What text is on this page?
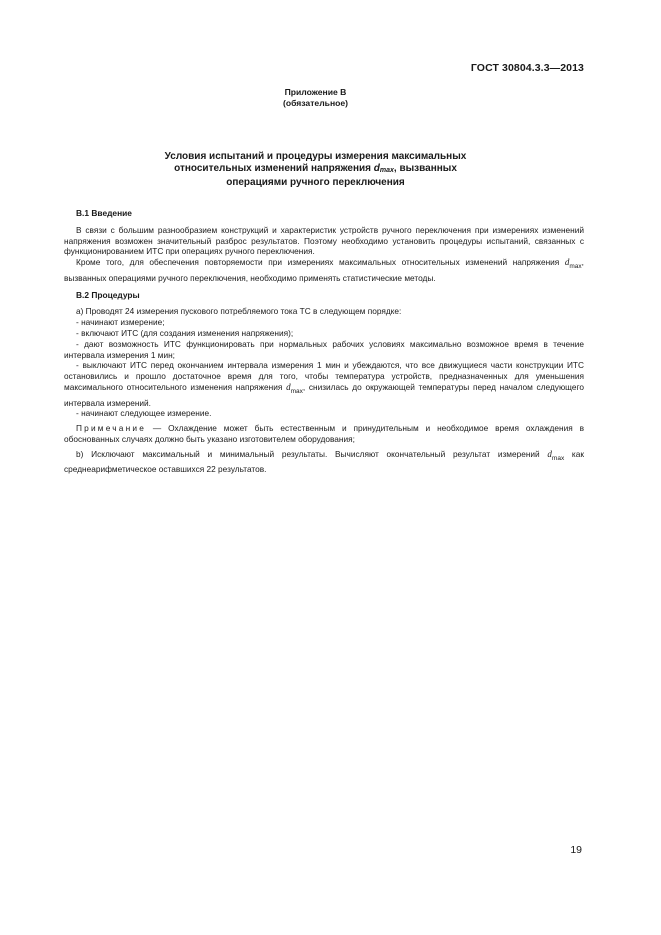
ГОСТ 30804.3.3—2013
Приложение В
(обязательное)
Условия испытаний и процедуры измерения максимальных
относительных изменений напряжения $d_{max}$, вызванных
операциями ручного переключения
В.1 Введение

В связи с большим разнообразием конструкций и характеристик устройств ручного переключения при измерениях изменений напряжения возможен значительный разброс результатов. Поэтому необходимо установить процедуры испытаний, связанных с функционированием ИТС при операциях ручного переключения.

Кроме того, для обеспечения повторяемости при измерениях максимальных относительных изменений напряжения $d_{max}$, вызванных операциями ручного переключения, необходимо применять статистические методы.

В.2 Процедуры

а) Проводят 24 измерения пускового потребляемого тока ТС в следующем порядке:

- начинают измерение;

- включают ИТС (для создания изменения напряжения);

- дают возможность ИТС функционировать при нормальных рабочих условиях максимально возможное время в течение интервала измерения 1 мин;

- выключают ИТС перед окончанием интервала измерения 1 мин и убеждаются, что все движущиеся части конструкции ИТС остановились и прошло достаточное время для того, чтобы температура устройств, предназначенных для уменьшения максимального относительного изменения напряжения $d_{max}$, снизилась до окружающей температуры перед началом следующего интервала измерений.

- начинают следующее измерение.

Примечание — Охлаждение может быть естественным и принудительным и необходимое время охлаждения в обоснованных случаях должно быть указано изготовителем оборудования;

b) Исключают максимальный и минимальный результаты. Вычисляют окончательный результат измерений $d_{max}$ как среднеарифметическое оставшихся 22 результатов.

19
